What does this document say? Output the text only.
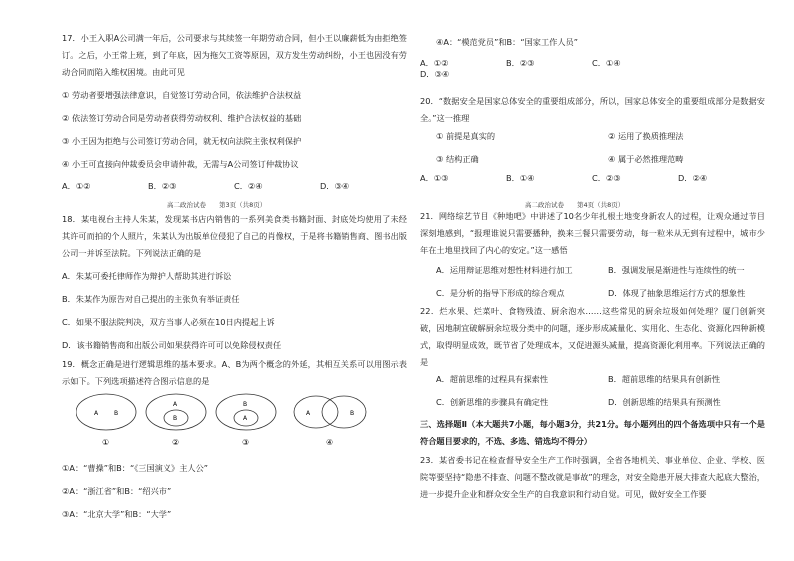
17．小王入职A公司满一年后，公司要求与其续签一年期劳动合同，但小王以廉薪低为由拒绝签订。之后，小王常上班，到了年底，因为拖欠工资等原因，双方发生劳动纠纷，小王也因没有劳动合同而陷入维权困境。由此可见
① 劳动者要增强法律意识，自觉签订劳动合同，依法维护合法权益
② 依法签订劳动合同是劳动者获得劳动权利、维护合法权益的基础
③ 小王因为拒绝与公司签订劳动合同，就无权向法院主张权利保护
④ 小王可直接向仲裁委员会申请仲裁，无需与A公司签订仲裁协议
A．①②	B．②③	C．②④	D．③④
高二政治试卷　　第3页（共8页）
18．某电视台主持人朱某，发现某书店内销售的一系列美食类书籍封面、封底处均使用了未经其许可而拍的个人照片，朱某认为出版单位侵犯了自己的肖像权，于是将书籍销售商、图书出版公司一并诉至法院。下列说法正确的是
A．朱某可委托律师作为辩护人帮助其进行诉讼
B．朱某作为原告对自己提出的主张负有举证责任
C．如果不服法院判决，双方当事人必须在10日内提起上诉
D．该书籍销售商和出版公司如果获得许可可以免除侵权责任
19．概念正确是进行逻辑思维的基本要求。A、B为两个概念的外延，其相互关系可以用图示表示如下。下列选项描述符合图示信息的是
A	B
①
A
B
②
B
A
③
A	B
④
①A：“曹操”和B：“《三国演义》主人公”
②A：“浙江省”和B：“绍兴市”
③A：“北京大学”和B：“大学”
④A：“模范党员”和B：“国家工作人员”
A．①②	B．②③	C．①④
D．③④
20．“数据安全是国家总体安全的重要组成部分，所以，国家总体安全的重要组成部分是数据安全。”这一推理
① 前提是真实的	② 运用了换质推理法
③ 结构正确	④ 属于必然推理范畴
A．①③	B．①④	C．②③	D．②④
高二政治试卷　　第4页（共8页）
21．网络综艺节目《种地吧》中讲述了10名少年扎根土地变身新农人的过程，让观众通过节目深刻地感到，“报理谁说只需要播种，换来三餐只需要劳动，每一粒米从无到有过程中，城市少年在土地里找回了内心的安定。”这一感悟
A．运用辩证思维对想性材料进行加工	B．强调发展是渐进性与连续性的统一
C．是分析的指导下形成的综合观点	D．体现了抽象思维运行方式的想象性
22．烂水果、烂菜叶、食物残渣、厨余泡水……这些常见的厨余垃圾如何处理？厦门创新突破，因地制宜破解厨余垃圾分类中的问题，逐步形成减量化、实用化、生态化、资源化四种新模式，取得明显成效，既节省了处理成本，又促进源头减量，提高资源化利用率。下列说法正确的是
A．超前思维的过程具有探索性	B．超前思维的结果具有创新性
C．创新思维的步骤具有确定性	D．创新思维的结果具有预测性
三、选择题Ⅱ（本大题共7小题，每小题3分，共21分。每小题列出的四个备选项中只有一个是符合题目要求的，不选、多选、错选均不得分）
23．某省委书记在检查督导安全生产工作时强调，全省各地机关、事业单位、企业、学校、医院等要坚持“隐患不排查、问题不整改就是事故”的理念，对安全隐患开展大排查大起底大整治，进一步提升企业和群众安全生产的自我意识和行动自觉。可见，做好安全工作要
